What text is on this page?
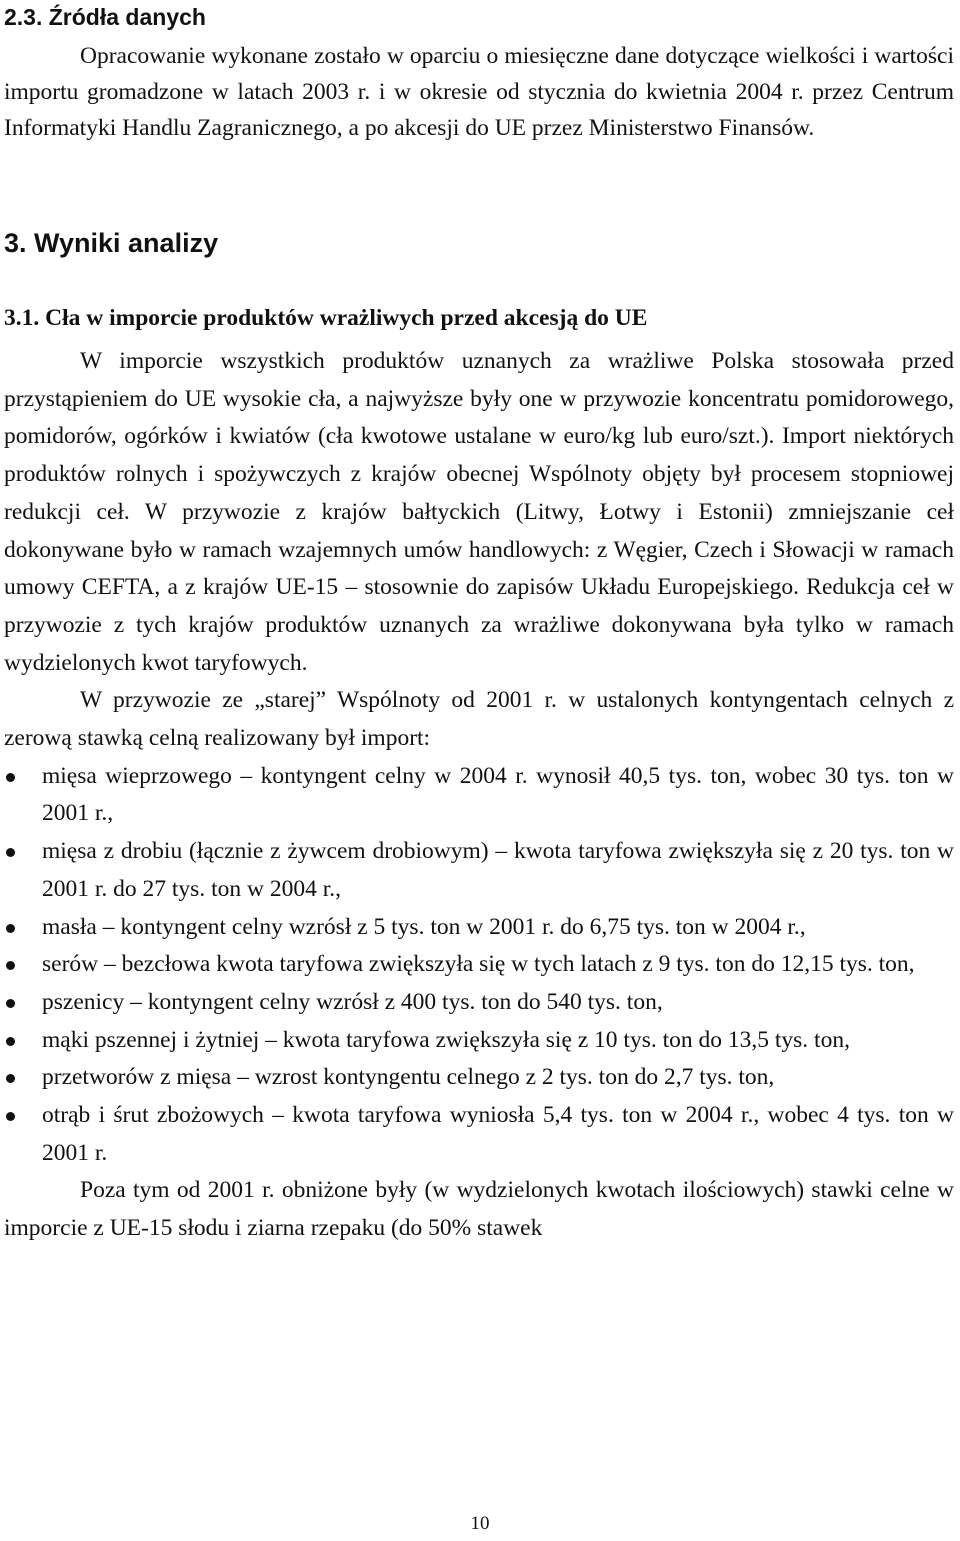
2.3. Źródła danych
Opracowanie wykonane zostało w oparciu o miesięczne dane dotyczące wielkości i wartości importu gromadzone w latach 2003 r. i w okresie od stycznia do kwietnia 2004 r. przez Centrum Informatyki Handlu Zagranicznego, a po akcesji do UE przez Ministerstwo Finansów.
3. Wyniki analizy
3.1. Cła w imporcie produktów wrażliwych przed akcesją do UE

W imporcie wszystkich produktów uznanych za wrażliwe Polska stosowała przed przystąpieniem do UE wysokie cła, a najwyższe były one w przywozie koncentratu pomidorowego, pomidorów, ogórków i kwiatów (cła kwotowe ustalane w euro/kg lub euro/szt.). Import niektórych produktów rolnych i spożywczych z krajów obecnej Wspólnoty objęty był procesem stopniowej redukcji ceł. W przywozie z krajów bałtyckich (Litwy, Łotwy i Estonii) zmniejszanie ceł dokonywane było w ramach wzajemnych umów handlowych: z Węgier, Czech i Słowacji w ramach umowy CEFTA, a z krajów UE-15 – stosownie do zapisów Układu Europejskiego. Redukcja ceł w przywozie z tych krajów produktów uznanych za wrażliwe dokonywana była tylko w ramach wydzielonych kwot taryfowych.

W przywozie ze „starej” Wspólnoty od 2001 r. w ustalonych kontyngentach celnych z zerową stawką celną realizowany był import:

mięsa wieprzowego – kontyngent celny w 2004 r. wynosił 40,5 tys. ton, wobec 30 tys. ton w 2001 r.,
mięsa z drobiu (łącznie z żywcem drobiowym) – kwota taryfowa zwiększyła się z 20 tys. ton w 2001 r. do 27 tys. ton w 2004 r.,
masła – kontyngent celny wzrósł z 5 tys. ton w 2001 r. do 6,75 tys. ton w 2004 r.,
serów – bezcłowa kwota taryfowa zwiększyła się w tych latach z 9 tys. ton do 12,15 tys. ton,
pszenicy – kontyngent celny wzrósł z 400 tys. ton do 540 tys. ton,
mąki pszennej i żytniej – kwota taryfowa zwiększyła się z 10 tys. ton do 13,5 tys. ton,
przetworów z mięsa – wzrost kontyngentu celnego z 2 tys. ton do 2,7 tys. ton,
otrąb i śrut zbożowych – kwota taryfowa wyniosła 5,4 tys. ton w 2004 r., wobec 4 tys. ton w 2001 r.

Poza tym od 2001 r. obniżone były (w wydzielonych kwotach ilościowych) stawki celne w imporcie z UE-15 słodu i ziarna rzepaku (do 50% stawek

10
